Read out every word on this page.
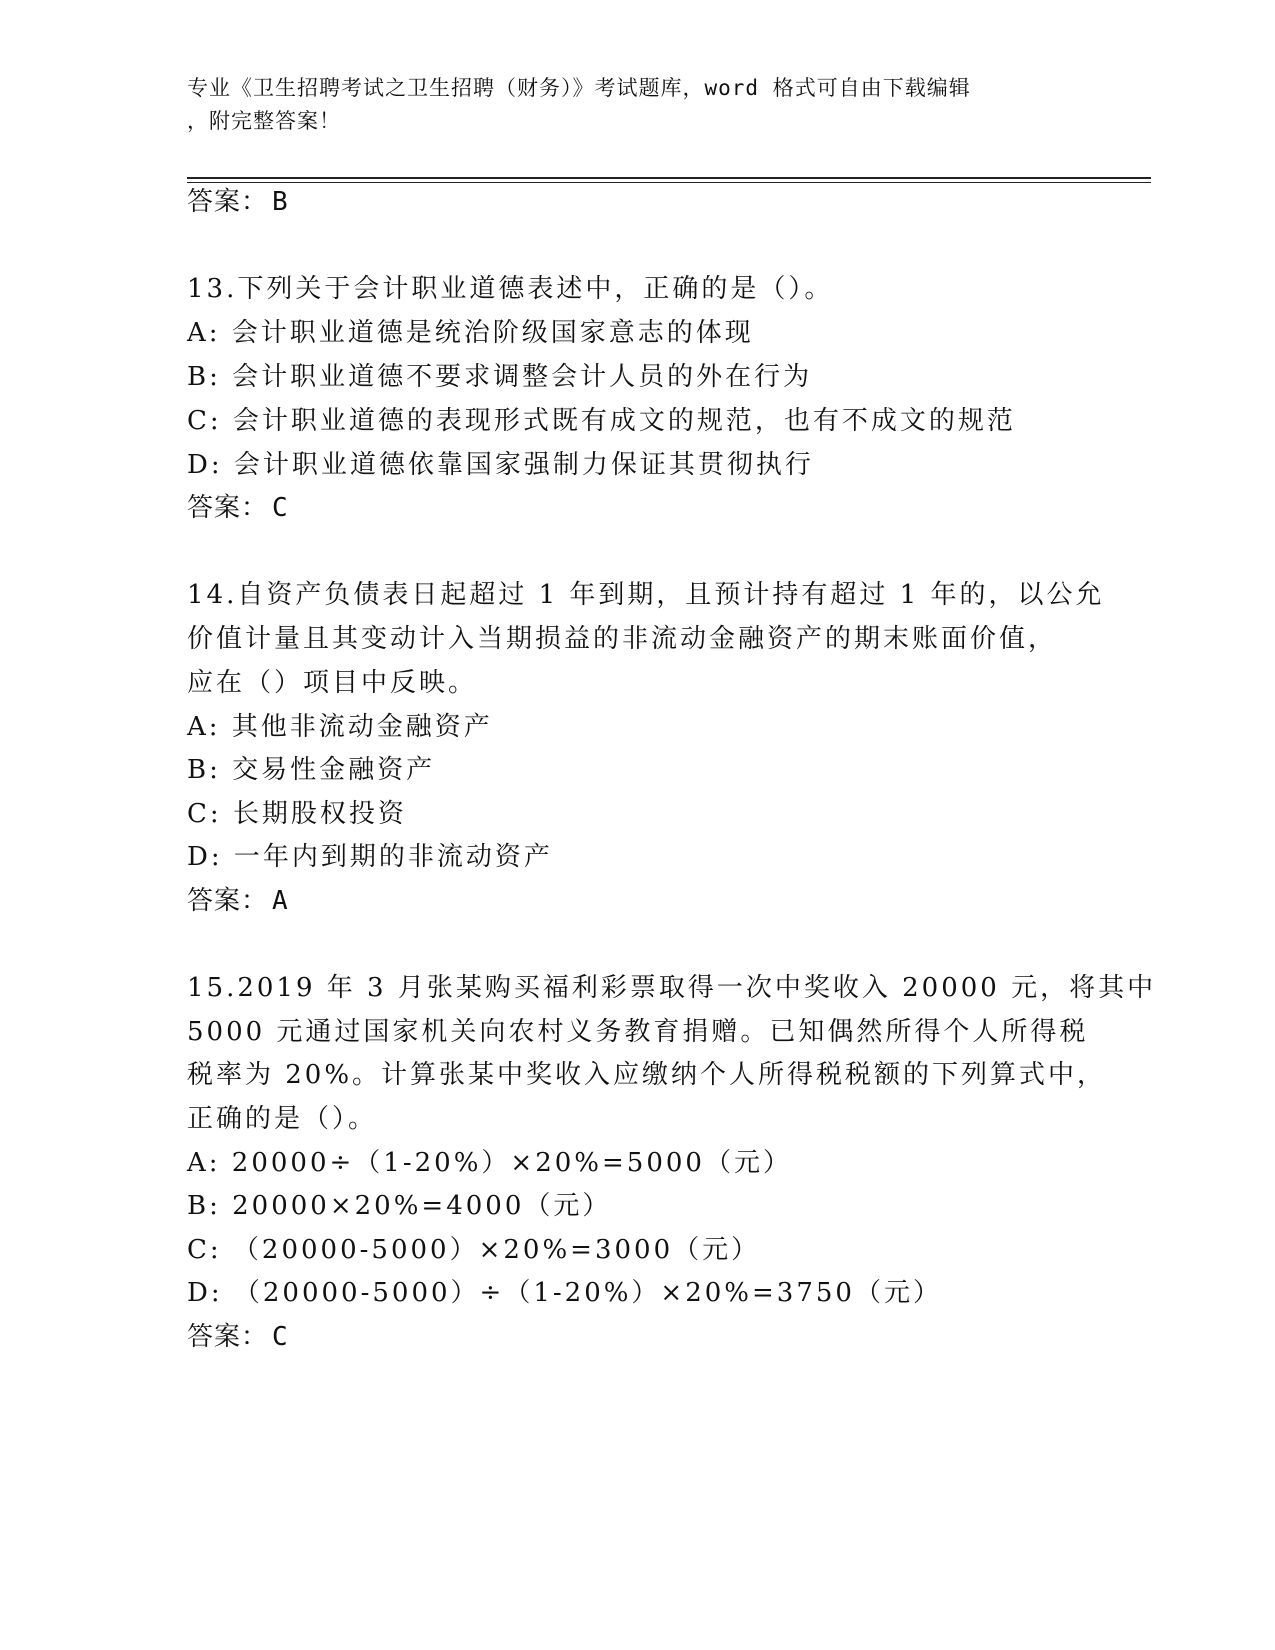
专业《卫生招聘考试之卫生招聘（财务）》考试题库，word 格式可自由下载编辑
，附完整答案！
答案： B
13.下列关于会计职业道德表述中，正确的是（）。
A: 会计职业道德是统治阶级国家意志的体现
B: 会计职业道德不要求调整会计人员的外在行为
C: 会计职业道德的表现形式既有成文的规范，也有不成文的规范
D: 会计职业道德依靠国家强制力保证其贯彻执行
答案： C
14.自资产负债表日起超过 1 年到期，且预计持有超过 1 年的，以公允
价值计量且其变动计入当期损益的非流动金融资产的期末账面价值，
应在（）项目中反映。
A: 其他非流动金融资产
B: 交易性金融资产
C: 长期股权投资
D: 一年内到期的非流动资产
答案： A
15.2019 年 3 月张某购买福利彩票取得一次中奖收入 20000 元，将其中
5000 元通过国家机关向农村义务教育捐赠。已知偶然所得个人所得税
税率为 20%。计算张某中奖收入应缴纳个人所得税税额的下列算式中，
正确的是（）。
A: 20000÷（1-20%）×20%=5000（元）
B: 20000×20%=4000（元）
C: （20000-5000）×20%=3000（元）
D: （20000-5000）÷（1-20%）×20%=3750（元）
答案： C
